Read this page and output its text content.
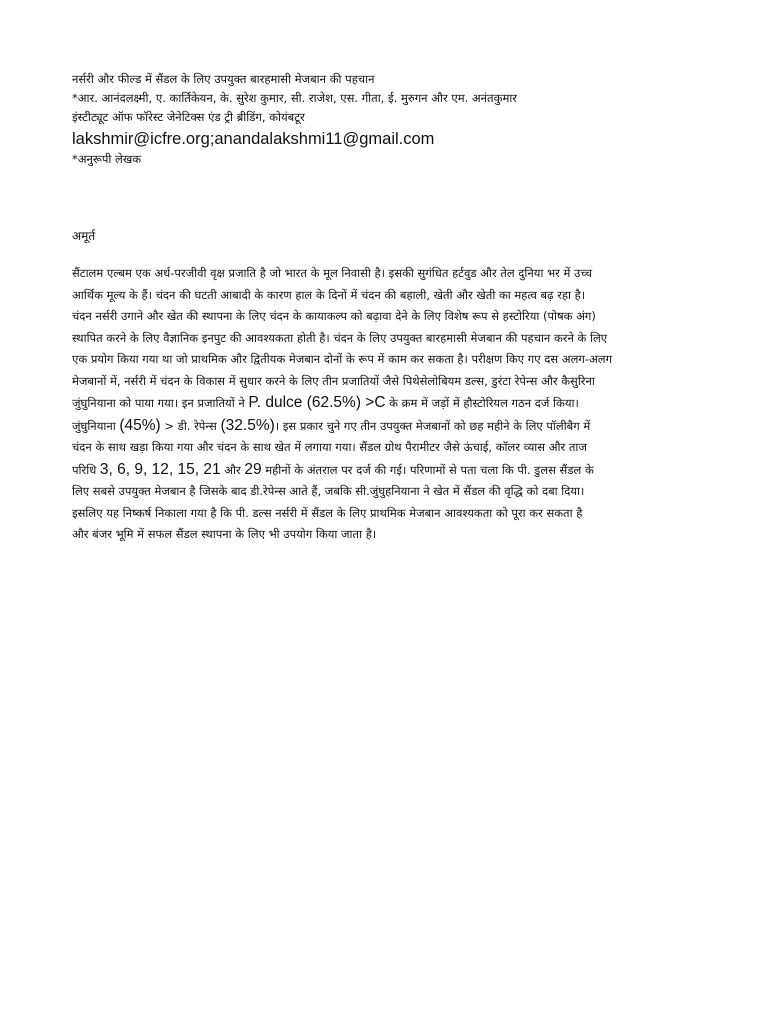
नर्सरी और फील्ड में सैंडल के लिए उपयुक्त बारहमासी मेजबान की पहचान
*आर. आनंदलक्ष्मी, ए. कार्तिकेयन, के. सुरेश कुमार, सी. राजेश, एस. गीता, ई. मुरुगन और एम. अनंतकुमार
इंस्टीट्यूट ऑफ फॉरेस्ट जेनेटिक्स एंड ट्री ब्रीडिंग, कोयंबटूर
lakshmir@icfre.org;anandalakshmi11@gmail.com
*अनुरूपी लेखक
अमूर्त
सैंटालम एल्बम एक अर्ध-परजीवी वृक्ष प्रजाति है जो भारत के मूल निवासी है। इसकी सुगंधित हर्टवुड और तेल दुनिया भर में उच्च
आर्थिक मूल्य के हैं। चंदन की घटती आबादी के कारण हाल के दिनों में चंदन की बहाली, खेती और खेती का महत्व बढ़ रहा है।
चंदन नर्सरी उगाने और खेत की स्थापना के लिए चंदन के कायाकल्प को बढ़ावा देने के लिए विशेष रूप से हस्टोरिया (पोषक अंग)
स्थापित करने के लिए वैज्ञानिक इनपुट की आवश्यकता होती है। चंदन के लिए उपयुक्त बारहमासी मेजबान की पहचान करने के लिए
एक प्रयोग किया गया था जो प्राथमिक और द्वितीयक मेजबान दोनों के रूप में काम कर सकता है। परीक्षण किए गए दस अलग-अलग
मेजबानों में, नर्सरी में चंदन के विकास में सुधार करने के लिए तीन प्रजातियों जैसे पिथेसेलोबियम डल्स, डुरंटा रेपेन्स और कैसुरिना
जुंघुनियाना को पाया गया। इन प्रजातियों ने P. dulce (62.5%) >C के क्रम में जड़ों में हौस्टोरियल गठन दर्ज किया।
जुंघुनियाना (45%) > डी. रेपेन्स (32.5%)। इस प्रकार चुने गए तीन उपयुक्त मेजबानों को छह महीने के लिए पॉलीबैग में
चंदन के साथ खड़ा किया गया और चंदन के साथ खेत में लगाया गया। सैंडल ग्रोथ पैरामीटर जैसे ऊंचाई, कॉलर व्यास और ताज
परिधि 3, 6, 9, 12, 15, 21 और 29 महीनों के अंतराल पर दर्ज की गई। परिणामों से पता चला कि पी. डुलस सैंडल के
लिए सबसे उपयुक्त मेजबान है जिसके बाद डी.रेपेन्स आते हैं, जबकि सी.जुंघुहनियाना ने खेत में सैंडल की वृद्धि को दबा दिया।
इसलिए यह निष्कर्ष निकाला गया है कि पी. डल्स नर्सरी में सैंडल के लिए प्राथमिक मेजबान आवश्यकता को पूरा कर सकता है
और बंजर भूमि में सफल सैंडल स्थापना के लिए भी उपयोग किया जाता है।
